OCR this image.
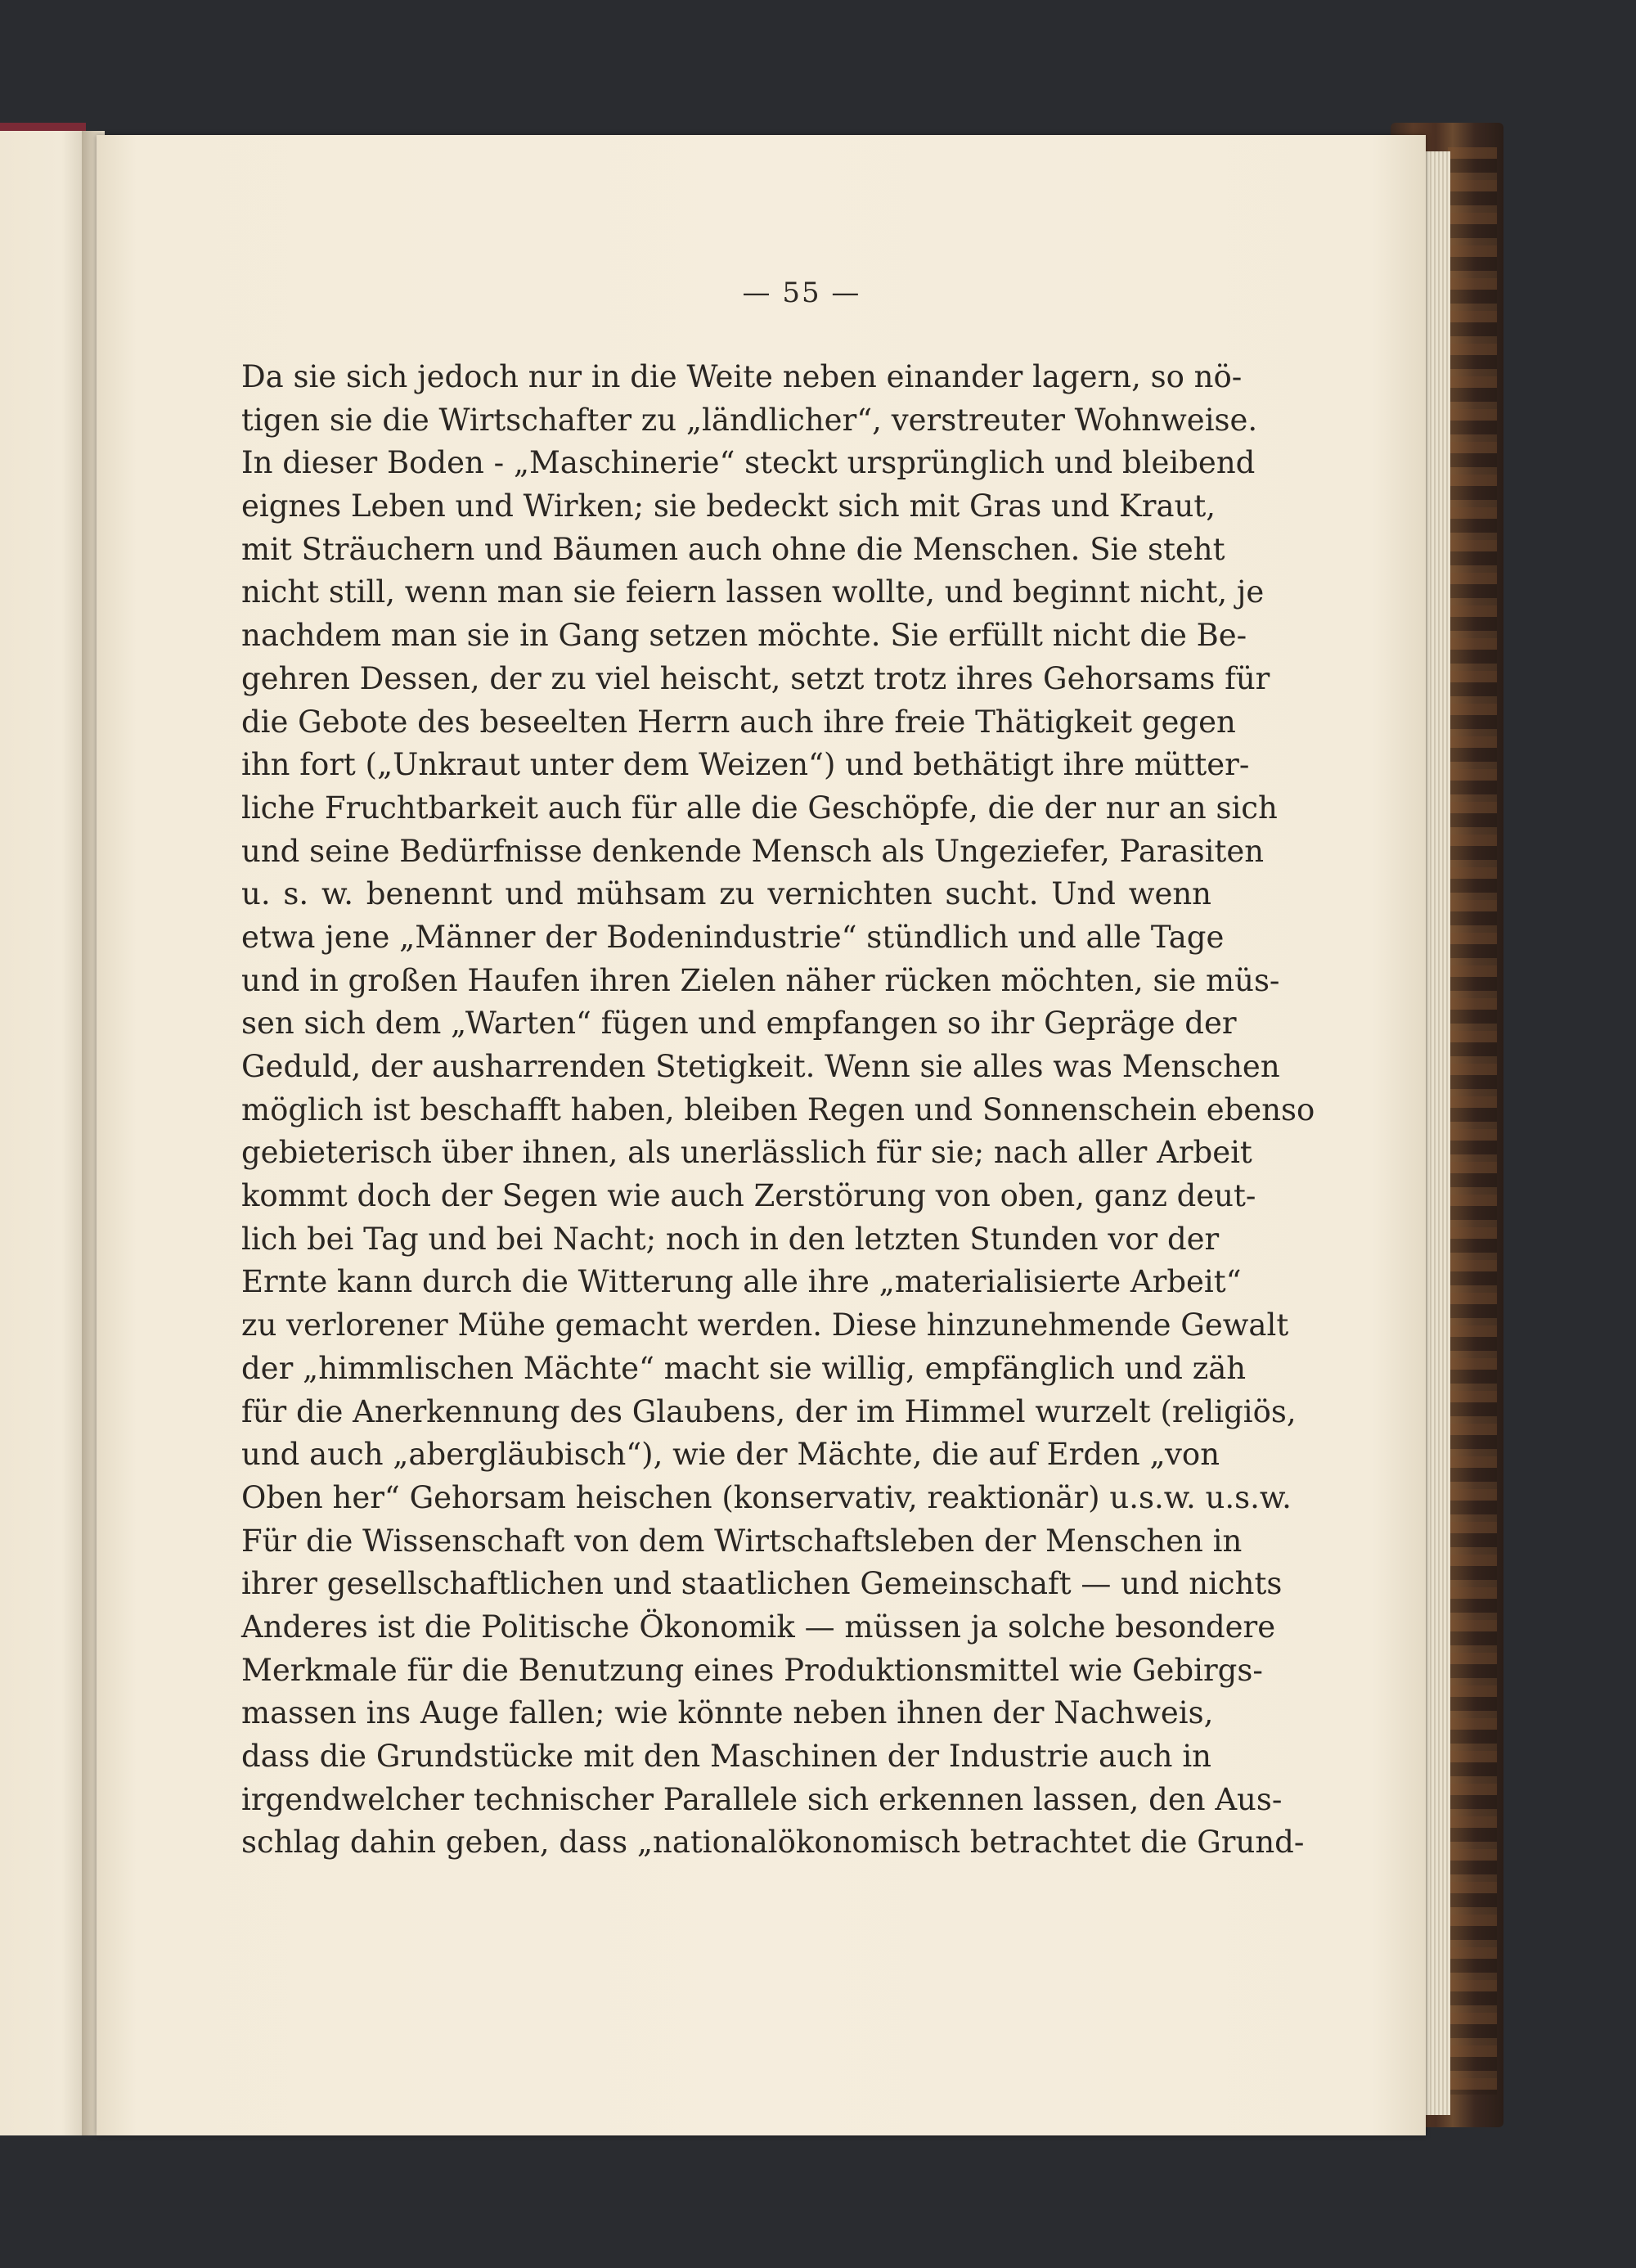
— 55 —
Da sie sich jedoch nur in die Weite neben einander lagern, so nö-
tigen sie die Wirtschafter zu „ländlicher“, verstreuter Wohnweise.
In dieser Boden - „Maschinerie“ steckt ursprünglich und bleibend
eignes Leben und Wirken; sie bedeckt sich mit Gras und Kraut,
mit Sträuchern und Bäumen auch ohne die Menschen. Sie steht
nicht still, wenn man sie feiern lassen wollte, und beginnt nicht, je
nachdem man sie in Gang setzen möchte. Sie erfüllt nicht die Be-
gehren Dessen, der zu viel heischt, setzt trotz ihres Gehorsams für
die Gebote des beseelten Herrn auch ihre freie Thätigkeit gegen
ihn fort („Unkraut unter dem Weizen“) und bethätigt ihre mütter-
liche Fruchtbarkeit auch für alle die Geschöpfe, die der nur an sich
und seine Bedürfnisse denkende Mensch als Ungeziefer, Parasiten
u. s. w. benennt und mühsam zu vernichten sucht. Und wenn
etwa jene „Männer der Bodenindustrie“ stündlich und alle Tage
und in großen Haufen ihren Zielen näher rücken möchten, sie müs-
sen sich dem „Warten“ fügen und empfangen so ihr Gepräge der
Geduld, der ausharrenden Stetigkeit. Wenn sie alles was Menschen
möglich ist beschafft haben, bleiben Regen und Sonnenschein ebenso
gebieterisch über ihnen, als unerlässlich für sie; nach aller Arbeit
kommt doch der Segen wie auch Zerstörung von oben, ganz deut-
lich bei Tag und bei Nacht; noch in den letzten Stunden vor der
Ernte kann durch die Witterung alle ihre „materialisierte Arbeit“
zu verlorener Mühe gemacht werden. Diese hinzunehmende Gewalt
der „himmlischen Mächte“ macht sie willig, empfänglich und zäh
für die Anerkennung des Glaubens, der im Himmel wurzelt (religiös,
und auch „abergläubisch“), wie der Mächte, die auf Erden „von
Oben her“ Gehorsam heischen (konservativ, reaktionär) u.s.w. u.s.w.
Für die Wissenschaft von dem Wirtschaftsleben der Menschen in
ihrer gesellschaftlichen und staatlichen Gemeinschaft — und nichts
Anderes ist die Politische Ökonomik — müssen ja solche besondere
Merkmale für die Benutzung eines Produktionsmittel wie Gebirgs-
massen ins Auge fallen; wie könnte neben ihnen der Nachweis,
dass die Grundstücke mit den Maschinen der Industrie auch in
irgendwelcher technischer Parallele sich erkennen lassen, den Aus-
schlag dahin geben, dass „nationalökonomisch betrachtet die Grund-
